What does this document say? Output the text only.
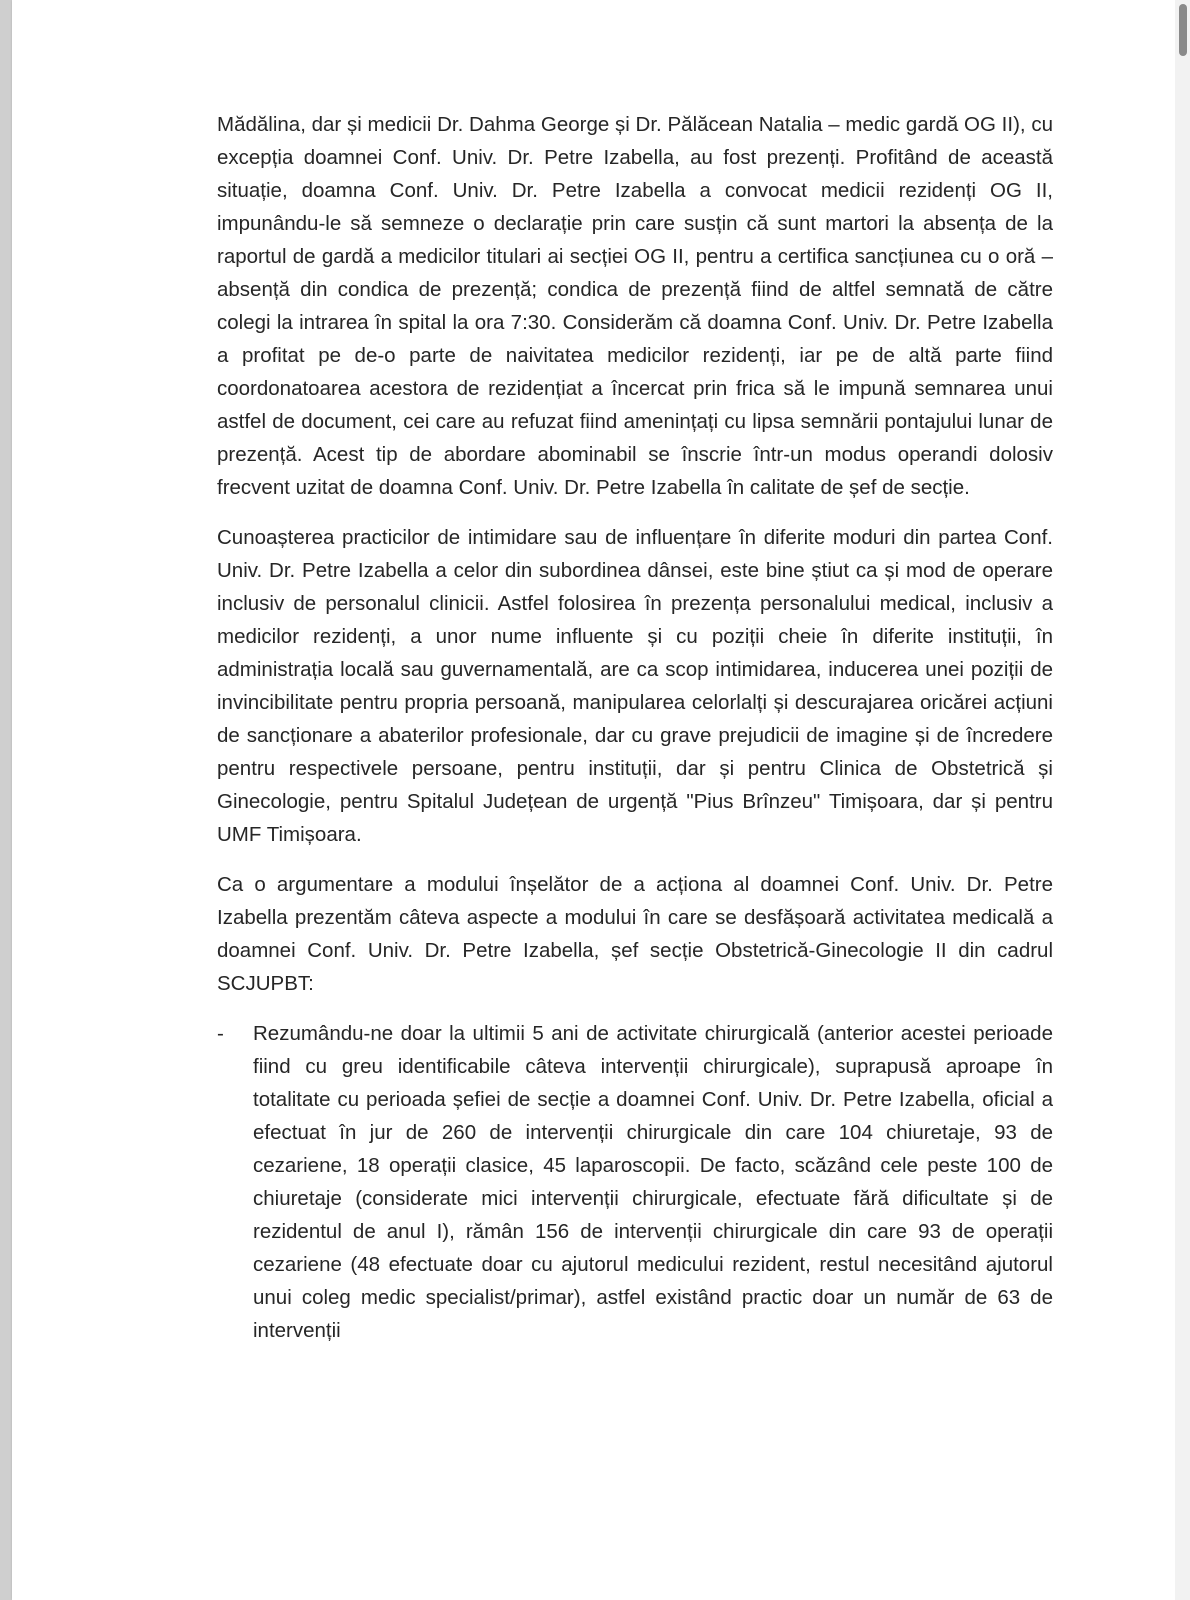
Mădălina, dar și medicii Dr. Dahma George și Dr. Pălăcean Natalia – medic gardă OG II), cu excepția doamnei Conf. Univ. Dr. Petre Izabella, au fost prezenți. Profitând de această situație, doamna Conf. Univ. Dr. Petre Izabella a convocat medicii rezidenți OG II, impunându-le să semneze o declarație prin care susțin că sunt martori la absența de la raportul de gardă a medicilor titulari ai secției OG II, pentru a certifica sancțiunea cu o oră – absență din condica de prezență; condica de prezență fiind de altfel semnată de către colegi la intrarea în spital la ora 7:30. Considerăm că doamna Conf. Univ. Dr. Petre Izabella a profitat pe de-o parte de naivitatea medicilor rezidenți, iar pe de altă parte fiind coordonatoarea acestora de rezidențiat a încercat prin frica să le impună semnarea unui astfel de document, cei care au refuzat fiind amenințați cu lipsa semnării pontajului lunar de prezență. Acest tip de abordare abominabil se înscrie într-un modus operandi dolosiv frecvent uzitat de doamna Conf. Univ. Dr. Petre Izabella în calitate de șef de secție.

Cunoașterea practicilor de intimidare sau de influențare în diferite moduri din partea Conf. Univ. Dr. Petre Izabella a celor din subordinea dânsei, este bine știut ca și mod de operare inclusiv de personalul clinicii. Astfel folosirea în prezența personalului medical, inclusiv a medicilor rezidenți, a unor nume influente și cu poziții cheie în diferite instituții, în administrația locală sau guvernamentală, are ca scop intimidarea, inducerea unei poziții de invincibilitate pentru propria persoană, manipularea celorlalți și descurajarea oricărei acțiuni de sancționare a abaterilor profesionale, dar cu grave prejudicii de imagine și de încredere pentru respectivele persoane, pentru instituții, dar și pentru Clinica de Obstetrică și Ginecologie, pentru Spitalul Județean de urgență "Pius Brînzeu" Timișoara, dar și pentru UMF Timișoara.

Ca o argumentare a modului înșelător de a acționa al doamnei Conf. Univ. Dr. Petre Izabella prezentăm câteva aspecte a modului în care se desfășoară activitatea medicală a doamnei Conf. Univ. Dr. Petre Izabella, șef secție Obstetrică-Ginecologie II din cadrul SCJUPBT:

-	Rezumându-ne doar la ultimii 5 ani de activitate chirurgicală (anterior acestei perioade fiind cu greu identificabile câteva intervenții chirurgicale), suprapusă aproape în totalitate cu perioada șefiei de secție a doamnei Conf. Univ. Dr. Petre Izabella, oficial a efectuat în jur de 260 de intervenții chirurgicale din care 104 chiuretaje, 93 de cezariene, 18 operații clasice, 45 laparoscopii. De facto, scăzând cele peste 100 de chiuretaje (considerate mici intervenții chirurgicale, efectuate fără dificultate și de rezidentul de anul I), rămân 156 de intervenții chirurgicale din care 93 de operații cezariene (48 efectuate doar cu ajutorul medicului rezident, restul necesitând ajutorul unui coleg medic specialist/primar), astfel existând practic doar un număr de 63 de intervenții
